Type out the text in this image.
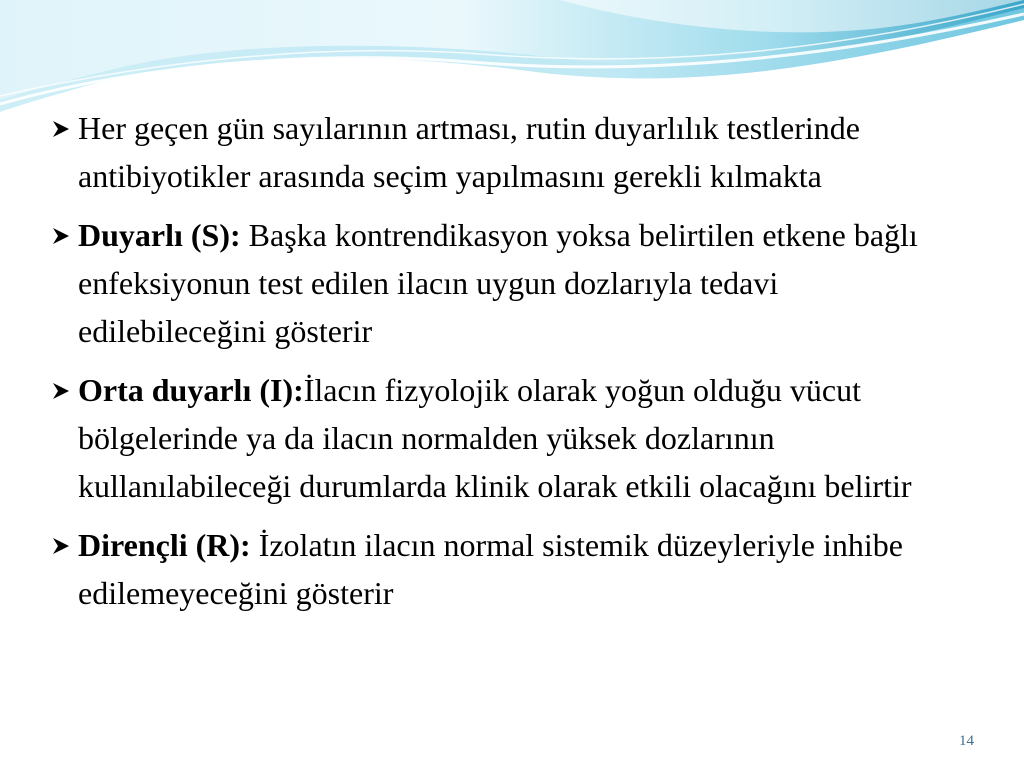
Her geçen gün sayılarının artması, rutin duyarlılık testlerinde antibiyotikler arasında seçim yapılmasını gerekli kılmakta
Duyarlı (S): Başka kontrendikasyon yoksa belirtilen etkene bağlı enfeksiyonun test edilen ilacın uygun dozlarıyla tedavi edilebileceğini gösterir
Orta duyarlı (I):İlacın fizyolojik olarak yoğun olduğu vücut bölgelerinde ya da ilacın normalden yüksek dozlarının kullanılabileceği durumlarda klinik olarak etkili olacağını belirtir
Dirençli (R): İzolatın ilacın normal sistemik düzeyleriyle inhibe edilemeyeceğini gösterir
14
